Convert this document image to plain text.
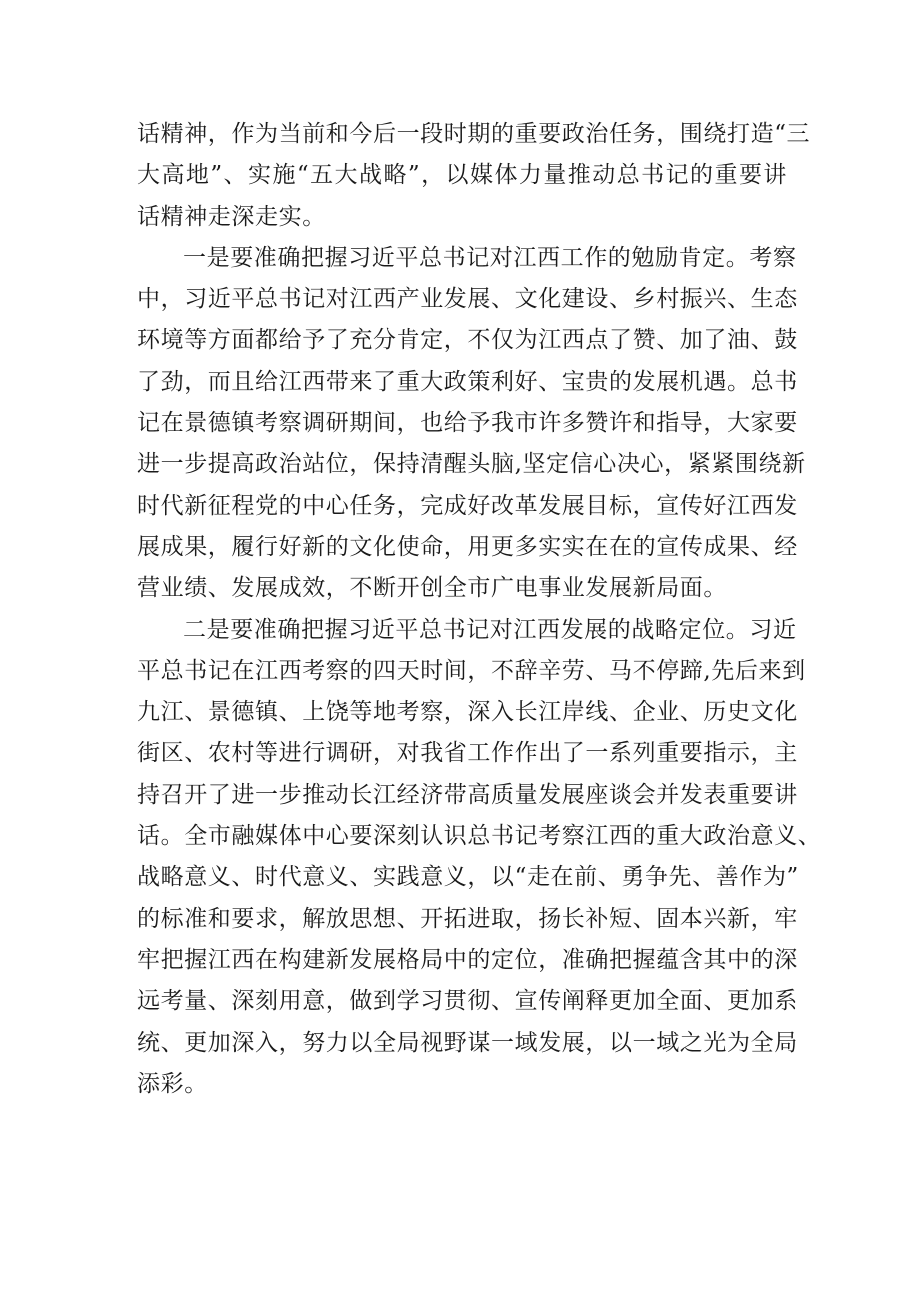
话精神，作为当前和今后一段时期的重要政治任务，围绕打造“三
大高地”、实施“五大战略”，以媒体力量推动总书记的重要讲
话精神走深走实。

一是要准确把握习近平总书记对江西工作的勉励肯定。考察
中，习近平总书记对江西产业发展、文化建设、乡村振兴、生态
环境等方面都给予了充分肯定，不仅为江西点了赞、加了油、鼓
了劲，而且给江西带来了重大政策利好、宝贵的发展机遇。总书
记在景德镇考察调研期间，也给予我市许多赞许和指导，大家要
进一步提高政治站位，保持清醒头脑,坚定信心决心，紧紧围绕新
时代新征程党的中心任务，完成好改革发展目标，宣传好江西发
展成果，履行好新的文化使命，用更多实实在在的宣传成果、经
营业绩、发展成效，不断开创全市广电事业发展新局面。

二是要准确把握习近平总书记对江西发展的战略定位。习近
平总书记在江西考察的四天时间，不辞辛劳、马不停蹄,先后来到
九江、景德镇、上饶等地考察，深入长江岸线、企业、历史文化
街区、农村等进行调研，对我省工作作出了一系列重要指示，主
持召开了进一步推动长江经济带高质量发展座谈会并发表重要讲
话。全市融媒体中心要深刻认识总书记考察江西的重大政治意义、
战略意义、时代意义、实践意义，以“走在前、勇争先、善作为”
的标准和要求，解放思想、开拓进取，扬长补短、固本兴新，牢
牢把握江西在构建新发展格局中的定位，准确把握蕴含其中的深
远考量、深刻用意，做到学习贯彻、宣传阐释更加全面、更加系
统、更加深入，努力以全局视野谋一域发展，以一域之光为全局
添彩。
